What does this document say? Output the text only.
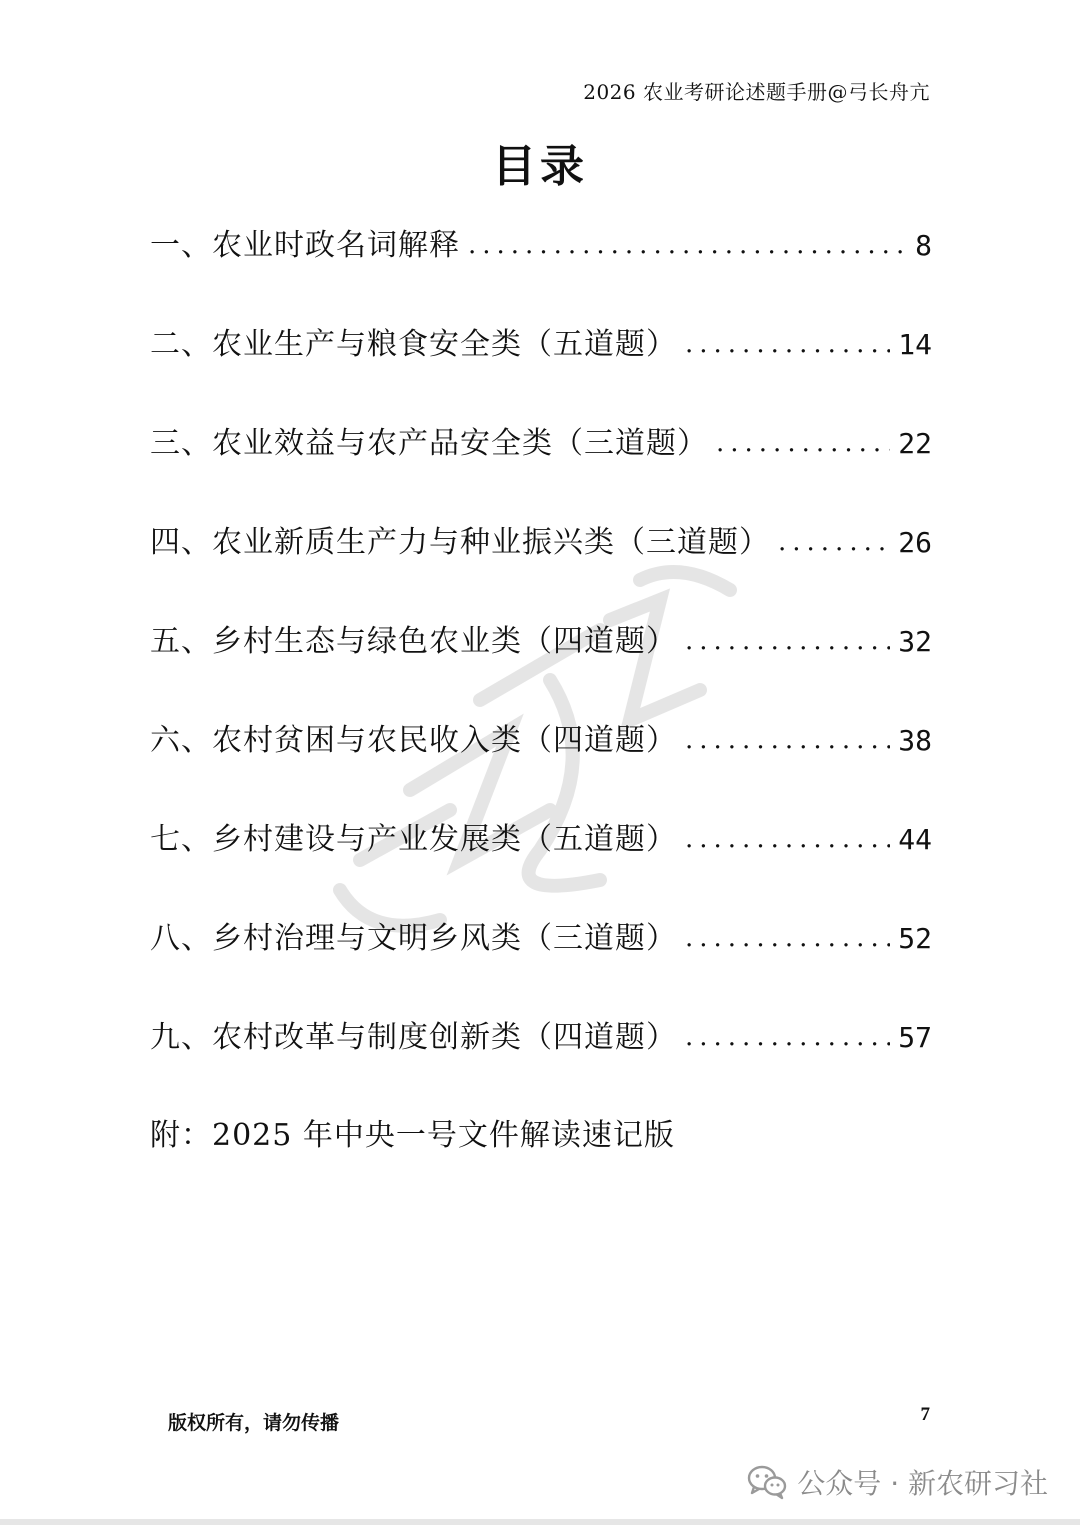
2026 农业考研论述题手册@弓长舟亢
目录
一、农业时政名词解释 .....	8
二、农业生产与粮食安全类（五道题） .....	14
三、农业效益与农产品安全类（三道题） .....	22
四、农业新质生产力与种业振兴类（三道题） .....	26
五、乡村生态与绿色农业类（四道题） .....	32
六、农村贫困与农民收入类（四道题） .....	38
七、乡村建设与产业发展类（五道题） .....	44
八、乡村治理与文明乡风类（三道题） .....	52
九、农村改革与制度创新类（四道题） .....	57
附：2025 年中央一号文件解读速记版
版权所有，请勿传播	7
公众号 · 新农研习社
